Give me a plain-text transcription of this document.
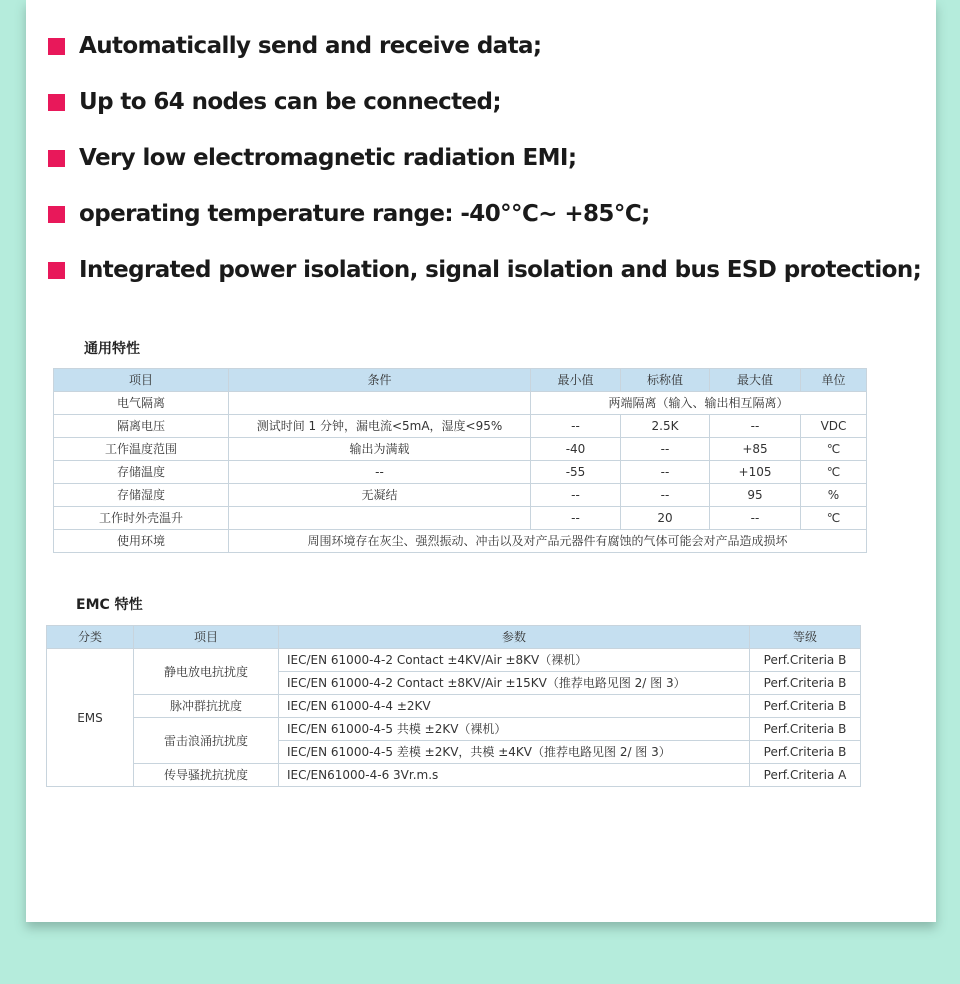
Automatically send and receive data;
Up to 64 nodes can be connected;
Very low electromagnetic radiation EMI;
operating temperature range: -40°℃~ +85℃;
Integrated power isolation, signal isolation and bus ESD protection;
通用特性
项目	条件	最小值	标称值	最大值	单位
电气隔离		两端隔离（输入、输出相互隔离）			
隔离电压	测试时间 1 分钟，漏电流<5mA，湿度<95%	--	2.5K	--	VDC
工作温度范围	输出为满载	-40	--	+85	℃
存储温度	--	-55	--	+105	℃
存储湿度	无凝结	--	--	95	%
工作时外壳温升		--	20	--	℃
使用环境	周围环境存在灰尘、强烈振动、冲击以及对产品元器件有腐蚀的气体可能会对产品造成损坏				
EMC 特性
分类	项目	参数	等级
EMS	静电放电抗扰度	IEC/EN 61000-4-2 Contact ±4KV/Air ±8KV（裸机）	Perf.Criteria B
		IEC/EN 61000-4-2 Contact ±8KV/Air ±15KV（推荐电路见图 2/ 图 3）	Perf.Criteria B
	脉冲群抗扰度	IEC/EN 61000-4-4 ±2KV	Perf.Criteria B
	雷击浪涌抗扰度	IEC/EN 61000-4-5 共模 ±2KV（裸机）	Perf.Criteria B
		IEC/EN 61000-4-5 差模 ±2KV，共模 ±4KV（推荐电路见图 2/ 图 3）	Perf.Criteria B
	传导骚扰抗扰度	IEC/EN61000-4-6 3Vr.m.s	Perf.Criteria A
